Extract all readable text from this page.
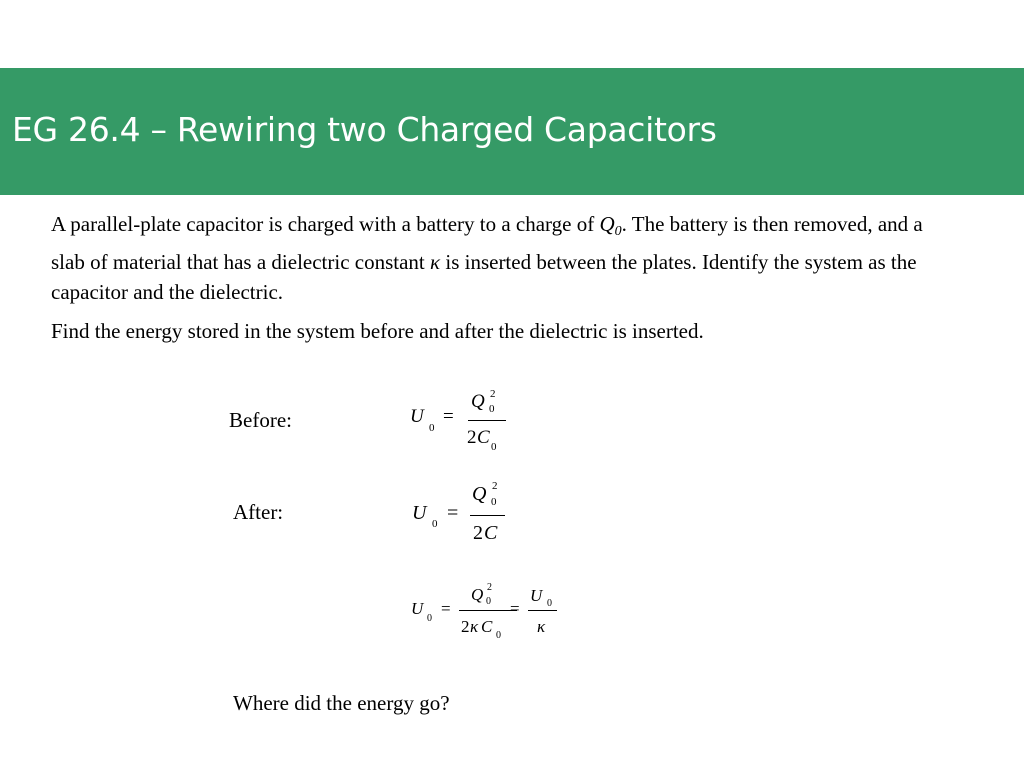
EG 26.4 – Rewiring two Charged Capacitors

A parallel-plate capacitor is charged with a battery to a charge of $Q_0$. The battery is then removed, and a slab of material that has a dielectric constant κ is inserted between the plates. Identify the system as the capacitor and the dielectric.

Find the energy stored in the system before and after the dielectric is inserted.

Before:
After:
Where did the energy go?
U
0
=
Q 2
0
2 C 0
U 0 =
Q 2
0
2 C
U
0
=
Q 2
0
2 κ C 0
=
U 0
κ
